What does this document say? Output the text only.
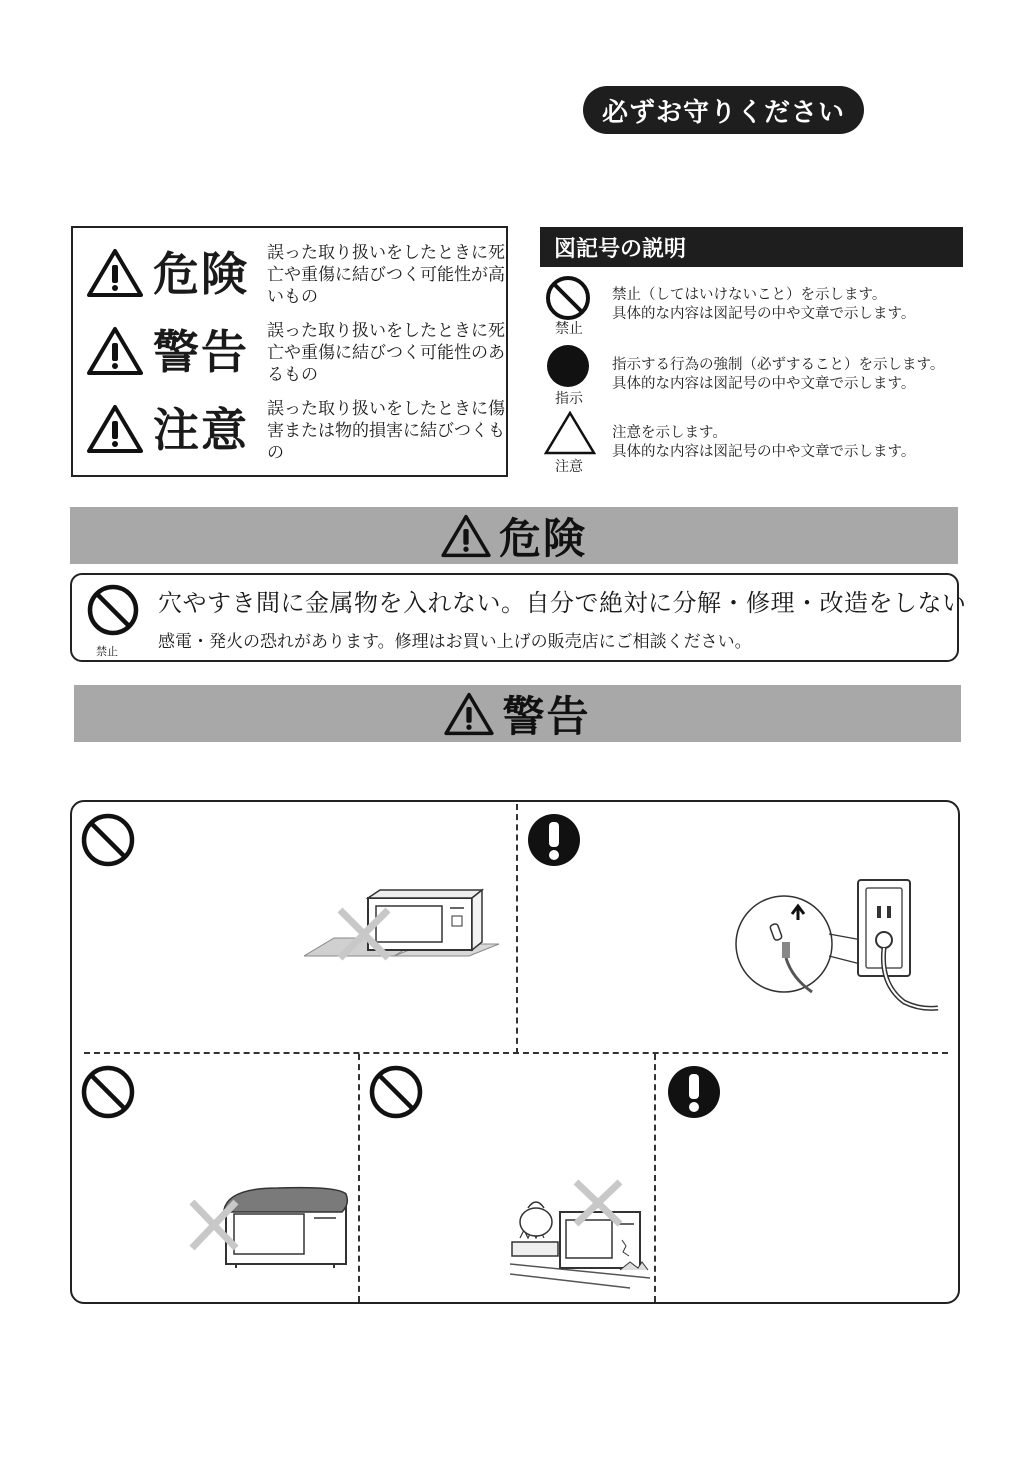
必ずお守りください
危険 誤った取り扱いをしたときに死亡や重傷に結びつく可能性が高いもの
警告 誤った取り扱いをしたときに死亡や重傷に結びつく可能性のあるもの
注意 誤った取り扱いをしたときに傷害または物的損害に結びつくもの
図記号の説明
禁止
禁止（してはいけないこと）を示します。
具体的な内容は図記号の中や文章で示します。
指示
指示する行為の強制（必ずすること）を示します。
具体的な内容は図記号の中や文章で示します。
注意
注意を示します。
具体的な内容は図記号の中や文章で示します。
危険
禁止
穴やすき間に金属物を入れない。自分で絶対に分解・修理・改造をしない
感電・発火の恐れがあります。修理はお買い上げの販売店にご相談ください。
警告
